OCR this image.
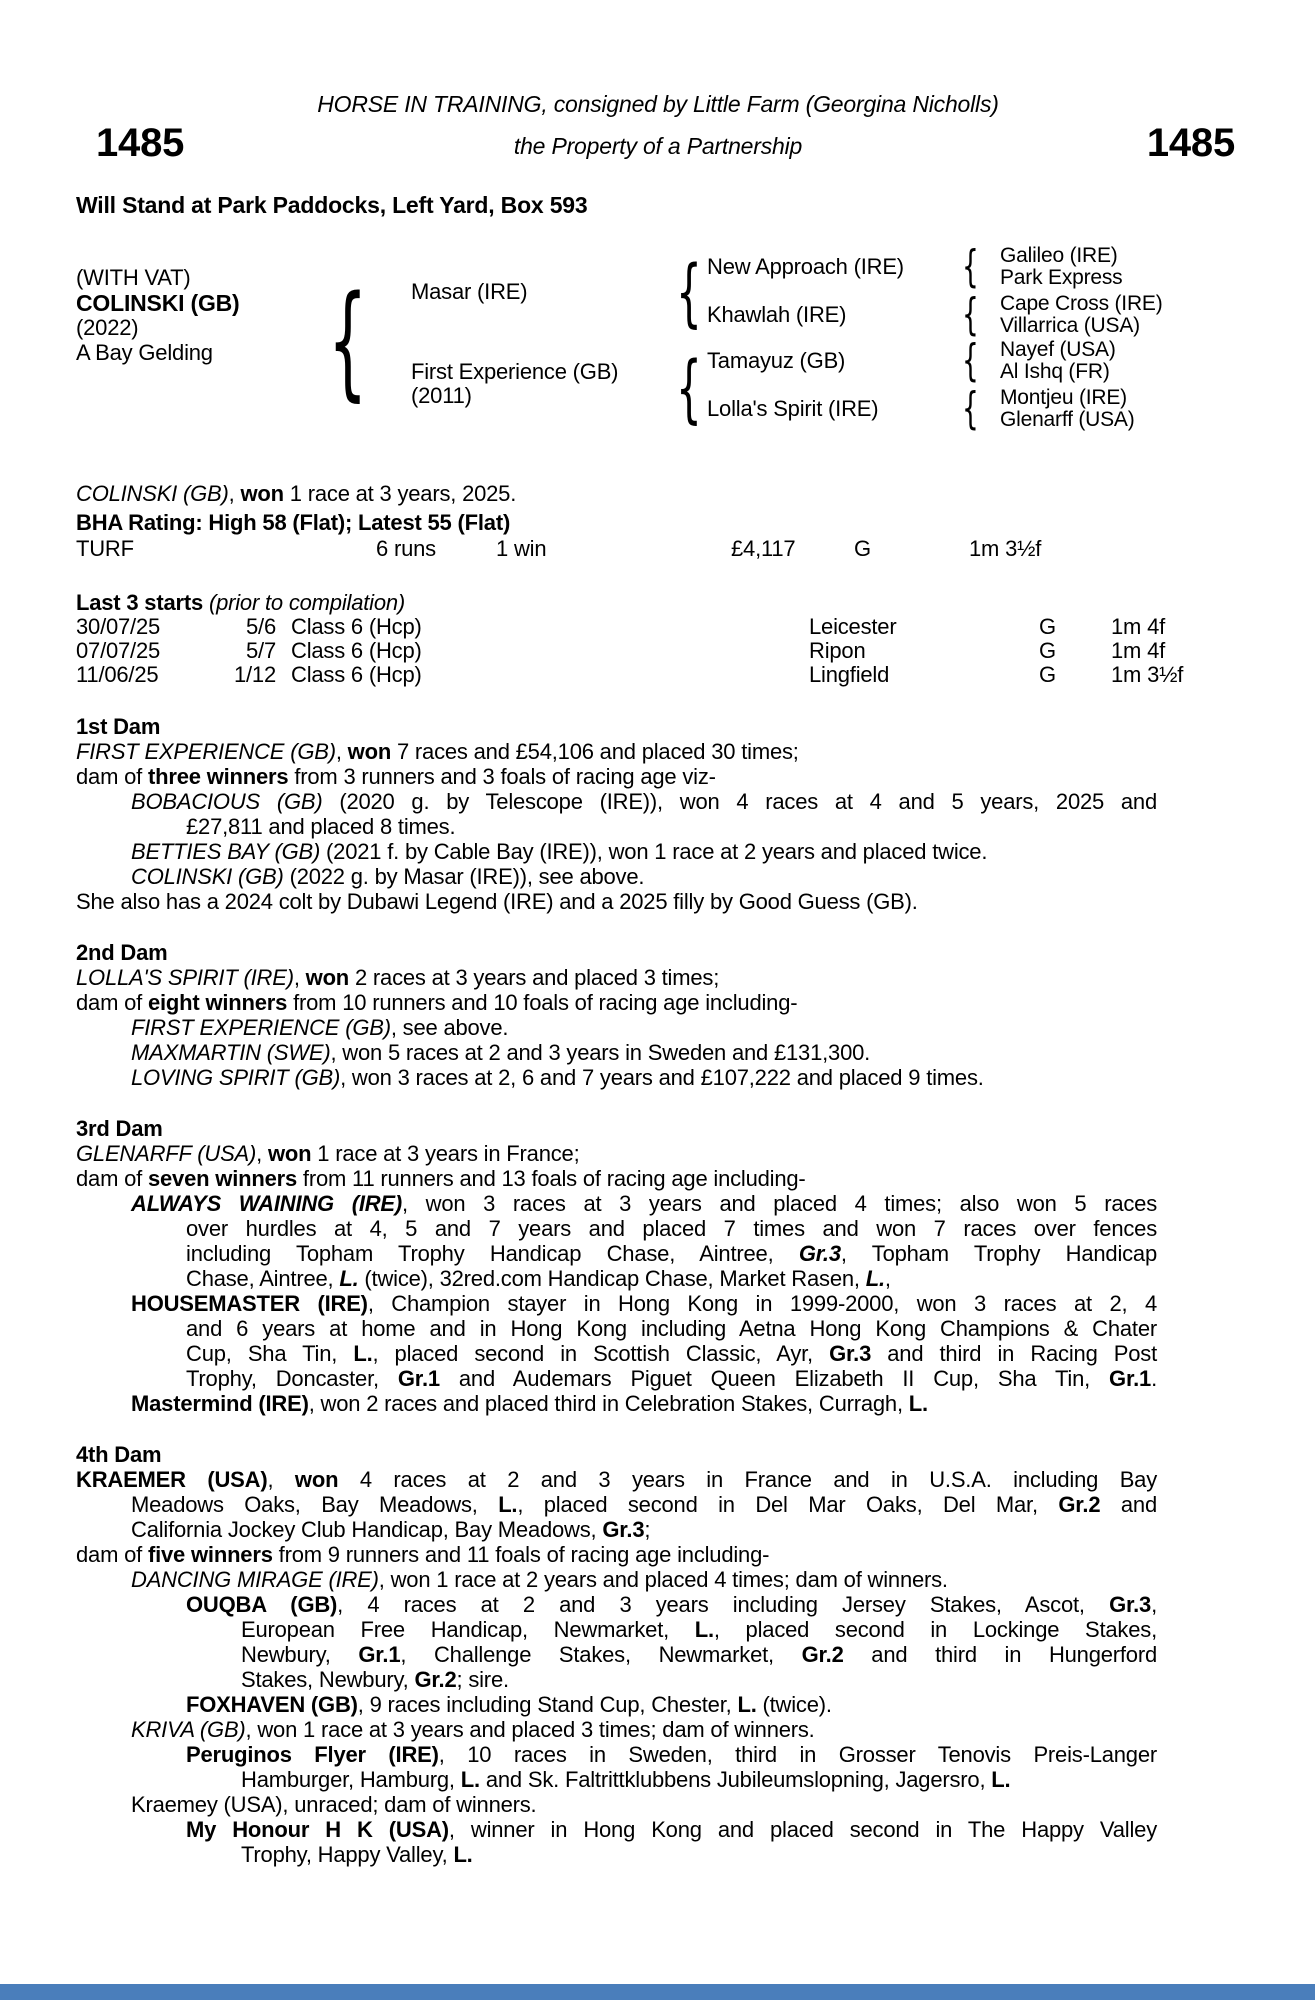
HORSE IN TRAINING, consigned by Little Farm (Georgina Nicholls)
1485	the Property of a Partnership	1485
Will Stand at Park Paddocks, Left Yard, Box 593
(WITH VAT)
COLINSKI (GB)
(2022)
A Bay Gelding { Masar (IRE)
First Experience (GB)
(2011)
{
{
New Approach (IRE)
Khawlah (IRE)
Tamayuz (GB)
Lolla's Spirit (IRE)
{
{
{
{
Galileo (IRE)
Park Express
Cape Cross (IRE)
Villarrica (USA)
Nayef (USA)
Al Ishq (FR)
Montjeu (IRE)
Glenarff (USA)
COLINSKI (GB), won 1 race at 3 years, 2025.
BHA Rating: High 58 (Flat); Latest 55 (Flat)
TURF	6 runs	1 win	£4,117	G	1m 3½f
Last 3 starts (prior to compilation)
30/07/25	5/6 Class 6 (Hcp)	Leicester	G	1m 4f
07/07/25	5/7 Class 6 (Hcp)	Ripon	G	1m 4f
11/06/25	1/12 Class 6 (Hcp)	Lingfield	G	1m 3½f
1st Dam
FIRST EXPERIENCE (GB), won 7 races and £54,106 and placed 30 times;
dam of three winners from 3 runners and 3 foals of racing age viz-
BOBACIOUS (GB) (2020 g. by Telescope (IRE)), won 4 races at 4 and 5 years, 2025 and
£27,811 and placed 8 times.
BETTIES BAY (GB) (2021 f. by Cable Bay (IRE)), won 1 race at 2 years and placed twice.
COLINSKI (GB) (2022 g. by Masar (IRE)), see above.
She also has a 2024 colt by Dubawi Legend (IRE) and a 2025 filly by Good Guess (GB).
2nd Dam
LOLLA'S SPIRIT (IRE), won 2 races at 3 years and placed 3 times;
dam of eight winners from 10 runners and 10 foals of racing age including-
FIRST EXPERIENCE (GB), see above.
MAXMARTIN (SWE), won 5 races at 2 and 3 years in Sweden and £131,300.
LOVING SPIRIT (GB), won 3 races at 2, 6 and 7 years and £107,222 and placed 9 times.
3rd Dam
GLENARFF (USA), won 1 race at 3 years in France;
dam of seven winners from 11 runners and 13 foals of racing age including-
ALWAYS WAINING (IRE), won 3 races at 3 years and placed 4 times; also won 5 races
over hurdles at 4, 5 and 7 years and placed 7 times and won 7 races over fences
including Topham Trophy Handicap Chase, Aintree, Gr.3, Topham Trophy Handicap
Chase, Aintree, L. (twice), 32red.com Handicap Chase, Market Rasen, L.,
HOUSEMASTER (IRE), Champion stayer in Hong Kong in 1999-2000, won 3 races at 2, 4
and 6 years at home and in Hong Kong including Aetna Hong Kong Champions & Chater
Cup, Sha Tin, L., placed second in Scottish Classic, Ayr, Gr.3 and third in Racing Post
Trophy, Doncaster, Gr.1 and Audemars Piguet Queen Elizabeth II Cup, Sha Tin, Gr.1.
Mastermind (IRE), won 2 races and placed third in Celebration Stakes, Curragh, L.
4th Dam
KRAEMER (USA), won 4 races at 2 and 3 years in France and in U.S.A. including Bay
Meadows Oaks, Bay Meadows, L., placed second in Del Mar Oaks, Del Mar, Gr.2 and
California Jockey Club Handicap, Bay Meadows, Gr.3;
dam of five winners from 9 runners and 11 foals of racing age including-
DANCING MIRAGE (IRE), won 1 race at 2 years and placed 4 times; dam of winners.
OUQBA (GB), 4 races at 2 and 3 years including Jersey Stakes, Ascot, Gr.3,
European Free Handicap, Newmarket, L., placed second in Lockinge Stakes,
Newbury, Gr.1, Challenge Stakes, Newmarket, Gr.2 and third in Hungerford
Stakes, Newbury, Gr.2; sire.
FOXHAVEN (GB), 9 races including Stand Cup, Chester, L. (twice).
KRIVA (GB), won 1 race at 3 years and placed 3 times; dam of winners.
Peruginos Flyer (IRE), 10 races in Sweden, third in Grosser Tenovis Preis-Langer
Hamburger, Hamburg, L. and Sk. Faltrittklubbens Jubileumslopning, Jagersro, L.
Kraemey (USA), unraced; dam of winners.
My Honour H K (USA), winner in Hong Kong and placed second in The Happy Valley
Trophy, Happy Valley, L.
